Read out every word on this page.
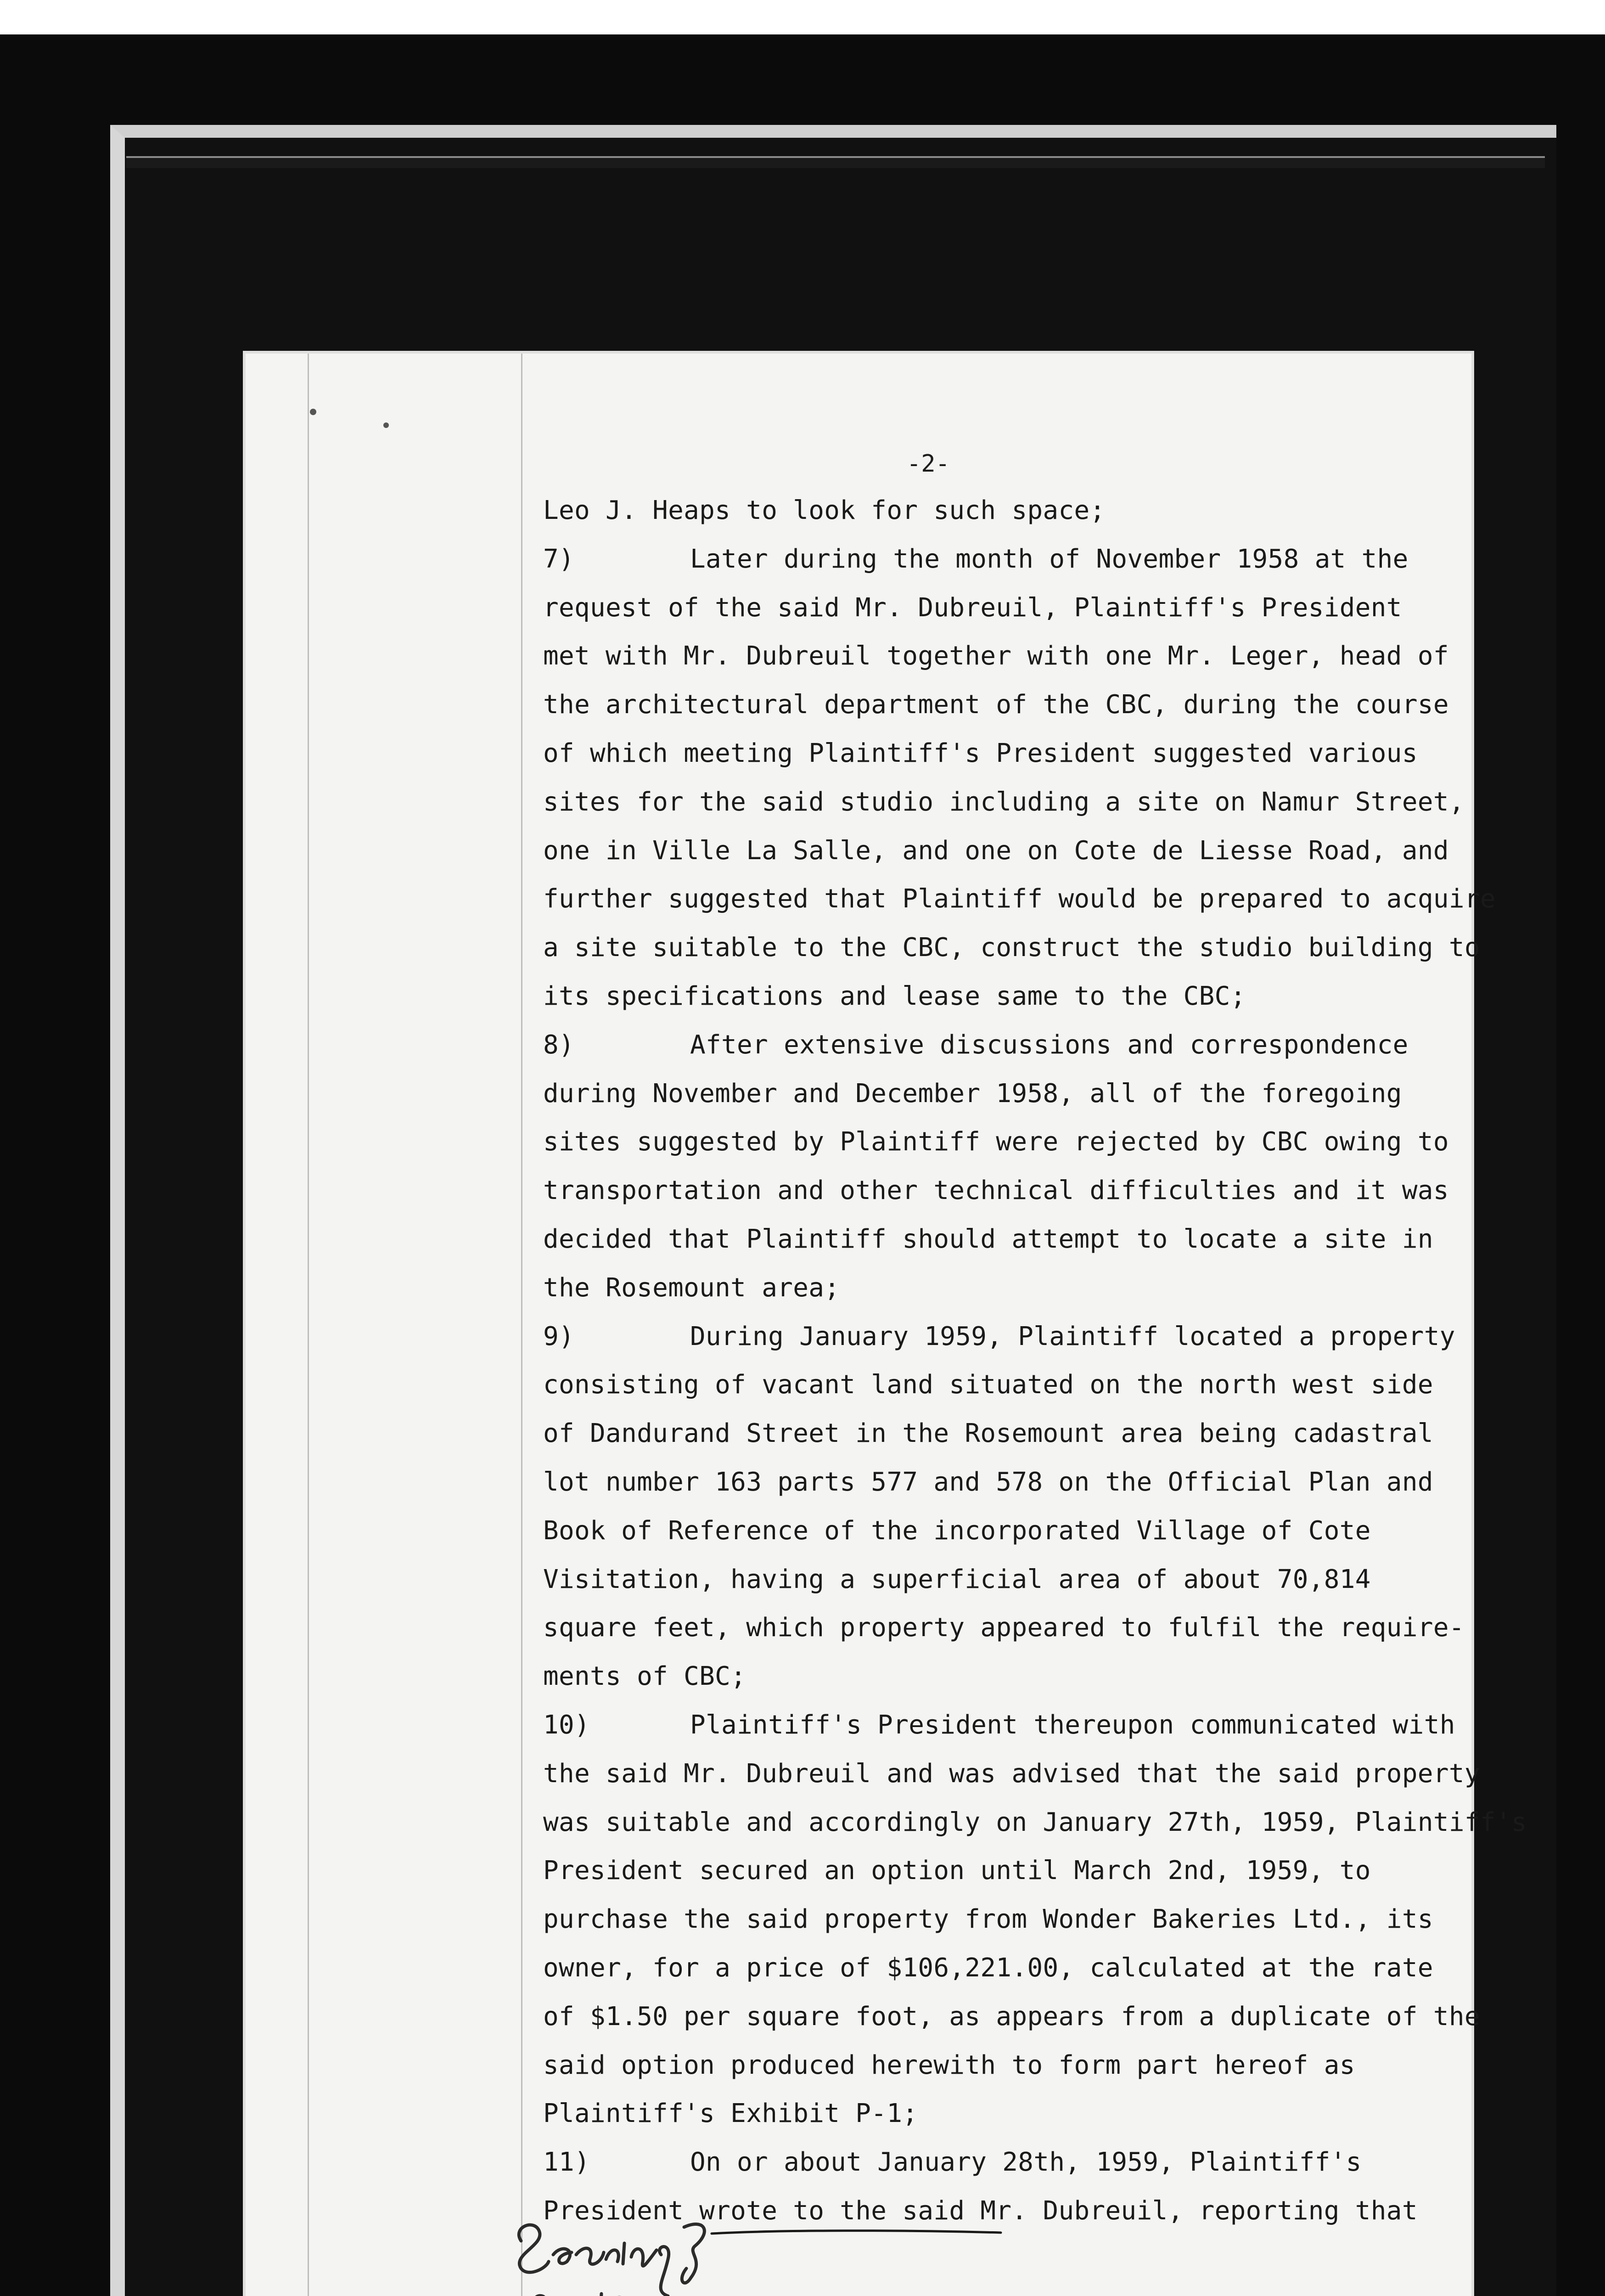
-2-
Leo J. Heaps to look for such space;
7)	Later during the month of November 1958 at the
request of the said Mr. Dubreuil, Plaintiff's President
met with Mr. Dubreuil together with one Mr. Leger, head of
the architectural department of the CBC, during the course
of which meeting Plaintiff's President suggested various
sites for the said studio including a site on Namur Street,
one in Ville La Salle, and one on Cote de Liesse Road, and
further suggested that Plaintiff would be prepared to acquire
a site suitable to the CBC, construct the studio building to
its specifications and lease same to the CBC;
8)	After extensive discussions and correspondence
during November and December 1958, all of the foregoing
sites suggested by Plaintiff were rejected by CBC owing to
transportation and other technical difficulties and it was
decided that Plaintiff should attempt to locate a site in
the Rosemount area;
9)	During January 1959, Plaintiff located a property
consisting of vacant land situated on the north west side
of Dandurand Street in the Rosemount area being cadastral
lot number 163 parts 577 and 578 on the Official Plan and
Book of Reference of the incorporated Village of Cote
Visitation, having a superficial area of about 70,814
square feet, which property appeared to fulfil the require-
ments of CBC;
10)	Plaintiff's President thereupon communicated with
the said Mr. Dubreuil and was advised that the said property
was suitable and accordingly on January 27th, 1959, Plaintiff's
President secured an option until March 2nd, 1959, to
purchase the said property from Wonder Bakeries Ltd., its
owner, for a price of $106,221.00, calculated at the rate
of $1.50 per square foot, as appears from a duplicate of the
said option produced herewith to form part hereof as
Plaintiff's Exhibit P-1;
11)	On or about January 28th, 1959, Plaintiff's
President wrote to the said Mr. Dubreuil, reporting that
Securing of option
